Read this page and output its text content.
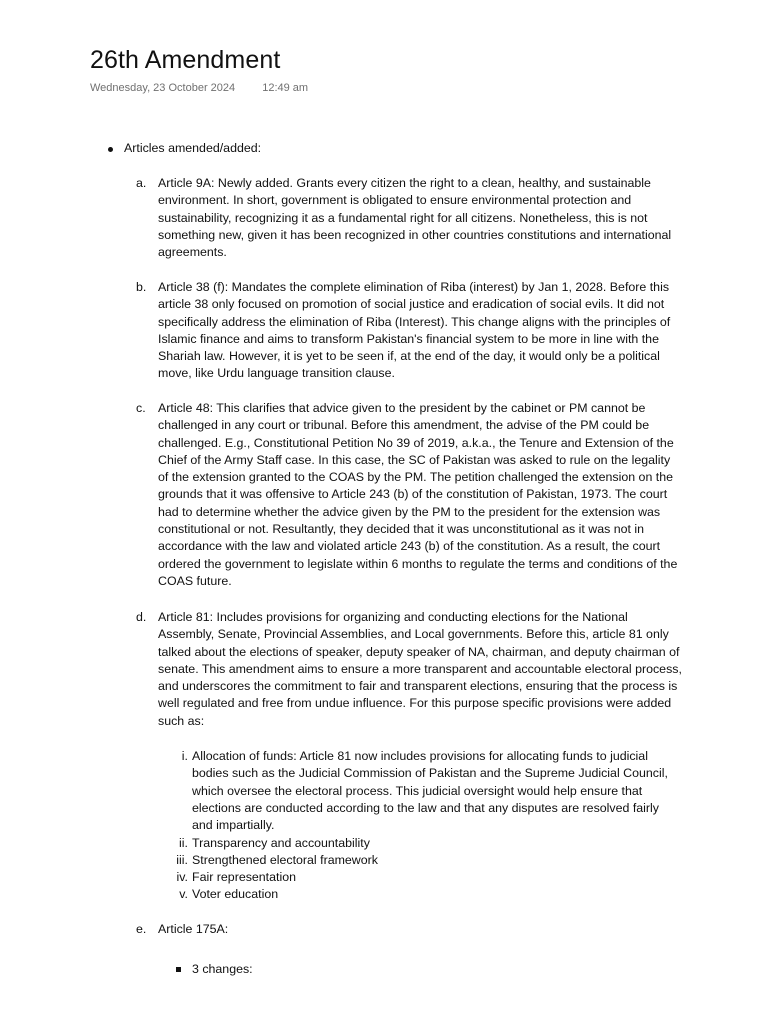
26th Amendment
Wednesday, 23 October 2024 12:49 am
Articles amended/added:
a. Article 9A: Newly added. Grants every citizen the right to a clean, healthy, and sustainable environment. In short, government is obligated to ensure environmental protection and sustainability, recognizing it as a fundamental right for all citizens. Nonetheless, this is not something new, given it has been recognized in other countries constitutions and international agreements.
b. Article 38 (f): Mandates the complete elimination of Riba (interest) by Jan 1, 2028. Before this article 38 only focused on promotion of social justice and eradication of social evils. It did not specifically address the elimination of Riba (Interest). This change aligns with the principles of Islamic finance and aims to transform Pakistan's financial system to be more in line with the Shariah law. However, it is yet to be seen if, at the end of the day, it would only be a political move, like Urdu language transition clause.
c. Article 48: This clarifies that advice given to the president by the cabinet or PM cannot be challenged in any court or tribunal. Before this amendment, the advise of the PM could be challenged. E.g., Constitutional Petition No 39 of 2019, a.k.a., the Tenure and Extension of the Chief of the Army Staff case. In this case, the SC of Pakistan was asked to rule on the legality of the extension granted to the COAS by the PM. The petition challenged the extension on the grounds that it was offensive to Article 243 (b) of the constitution of Pakistan, 1973. The court had to determine whether the advice given by the PM to the president for the extension was constitutional or not. Resultantly, they decided that it was unconstitutional as it was not in accordance with the law and violated article 243 (b) of the constitution. As a result, the court ordered the government to legislate within 6 months to regulate the terms and conditions of the COAS future.
d. Article 81: Includes provisions for organizing and conducting elections for the National Assembly, Senate, Provincial Assemblies, and Local governments. Before this, article 81 only talked about the elections of speaker, deputy speaker of NA, chairman, and deputy chairman of senate. This amendment aims to ensure a more transparent and accountable electoral process, and underscores the commitment to fair and transparent elections, ensuring that the process is well regulated and free from undue influence. For this purpose specific provisions were added such as:
i. Allocation of funds: Article 81 now includes provisions for allocating funds to judicial bodies such as the Judicial Commission of Pakistan and the Supreme Judicial Council, which oversee the electoral process. This judicial oversight would help ensure that elections are conducted according to the law and that any disputes are resolved fairly and impartially.
ii. Transparency and accountability
iii. Strengthened electoral framework
iv. Fair representation
v. Voter education
e. Article 175A:
3 changes:
